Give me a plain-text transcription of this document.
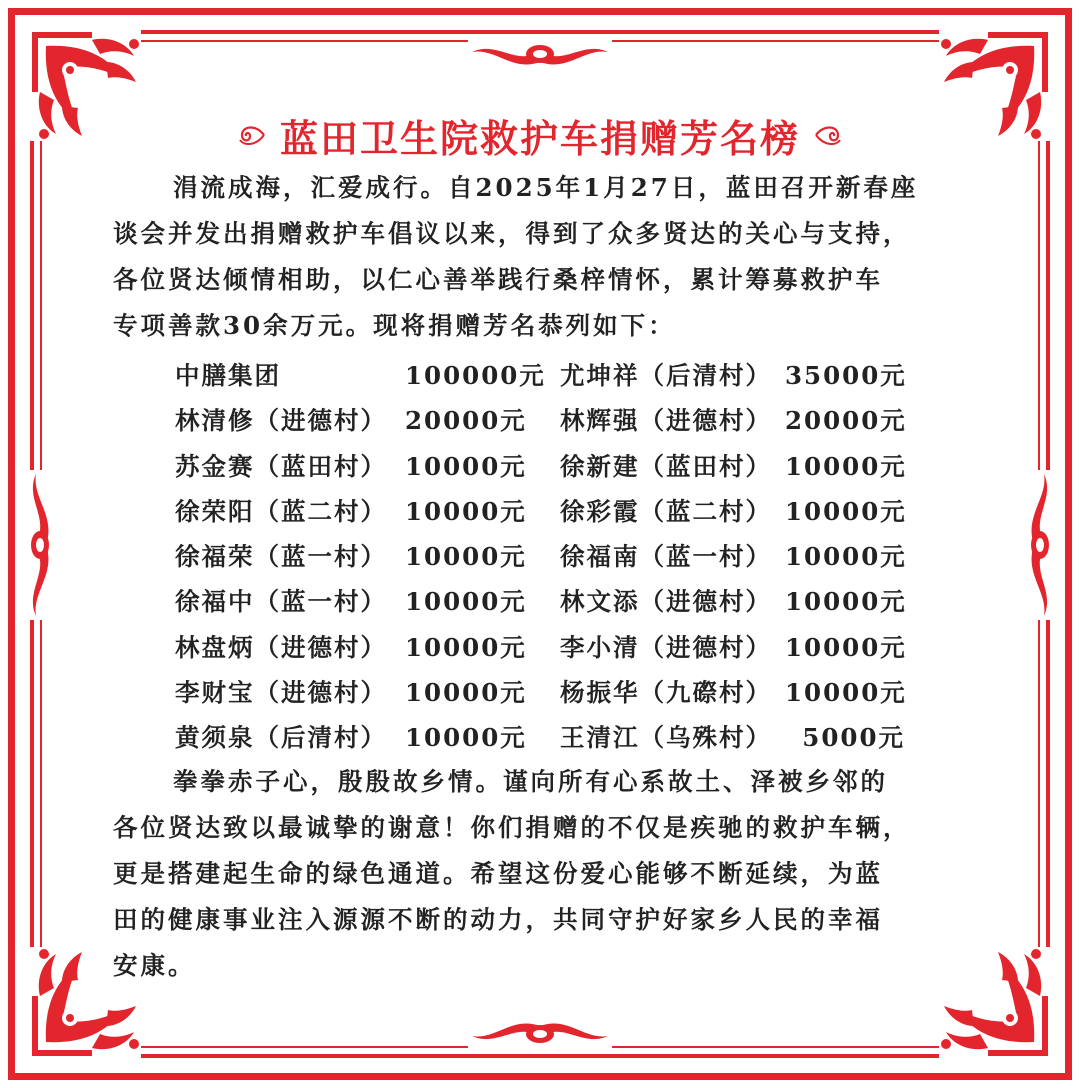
蓝田卫生院救护车捐赠芳名榜
涓流成海，汇爱成行。自2025年1月27日，蓝田召开新春座
谈会并发出捐赠救护车倡议以来，得到了众多贤达的关心与支持，
各位贤达倾情相助，以仁心善举践行桑梓情怀，累计筹募救护车
专项善款30余万元。现将捐赠芳名恭列如下：
中膳集团	100000元 尤坤祥（后清村） 35000元
林清修（进德村） 20000元 林辉强（进德村） 20000元
苏金赛（蓝田村） 10000元 徐新建（蓝田村） 10000元
徐荣阳（蓝二村） 10000元 徐彩霞（蓝二村） 10000元
徐福荣（蓝一村） 10000元 徐福南（蓝一村） 10000元
徐福中（蓝一村） 10000元 林文添（进德村） 10000元
林盘炳（进德村） 10000元 李小清（进德村） 10000元
李财宝（进德村） 10000元 杨振华（九磜村） 10000元
黄须泉（后清村） 10000元 王清江（乌殊村）	5000元
拳拳赤子心，殷殷故乡情。谨向所有心系故土、泽被乡邻的
各位贤达致以最诚挚的谢意！你们捐赠的不仅是疾驰的救护车辆，
更是搭建起生命的绿色通道。希望这份爱心能够不断延续，为蓝
田的健康事业注入源源不断的动力，共同守护好家乡人民的幸福
安康。
